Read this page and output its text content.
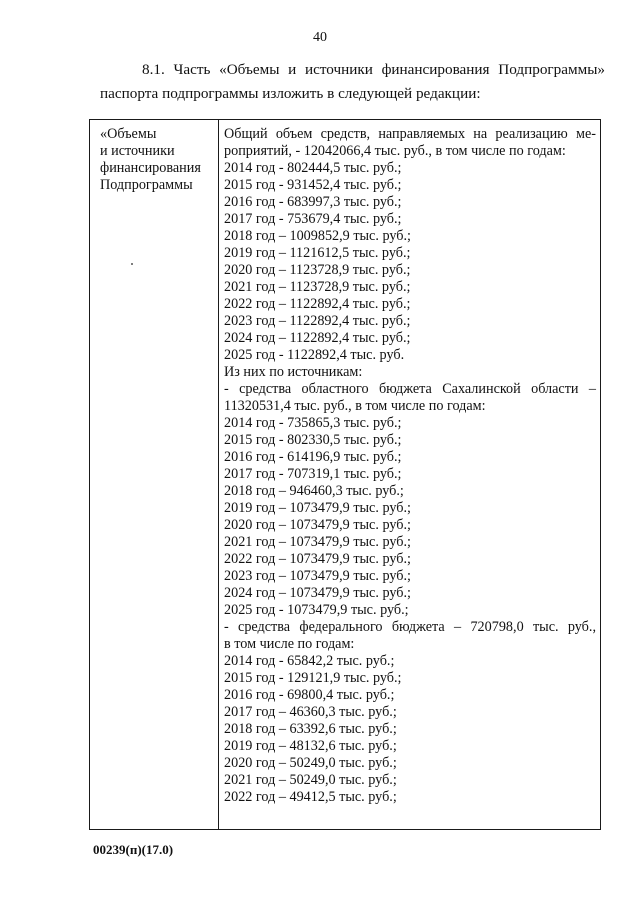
40
8.1. Часть «Объемы и источники финансирования Подпрограммы»
паспорта подпрограммы изложить в следующей редакции:
«Объемы
и источники
финансирования
Подпрограммы
Общий объем средств, направляемых на реализацию ме-
роприятий, - 12042066,4 тыс. руб., в том числе по годам:
2014 год - 802444,5 тыс. руб.;
2015 год - 931452,4 тыс. руб.;
2016 год - 683997,3 тыс. руб.;
2017 год - 753679,4 тыс. руб.;
2018 год – 1009852,9 тыс. руб.;
2019 год – 1121612,5 тыс. руб.;
2020 год – 1123728,9 тыс. руб.;
2021 год – 1123728,9 тыс. руб.;
2022 год – 1122892,4 тыс. руб.;
2023 год – 1122892,4 тыс. руб.;
2024 год – 1122892,4 тыс. руб.;
2025 год - 1122892,4 тыс. руб.
Из них по источникам:
- средства областного бюджета Сахалинской области –
11320531,4 тыс. руб., в том числе по годам:
2014 год - 735865,3 тыс. руб.;
2015 год - 802330,5 тыс. руб.;
2016 год - 614196,9 тыс. руб.;
2017 год - 707319,1 тыс. руб.;
2018 год – 946460,3 тыс. руб.;
2019 год – 1073479,9 тыс. руб.;
2020 год – 1073479,9 тыс. руб.;
2021 год – 1073479,9 тыс. руб.;
2022 год – 1073479,9 тыс. руб.;
2023 год – 1073479,9 тыс. руб.;
2024 год – 1073479,9 тыс. руб.;
2025 год - 1073479,9 тыс. руб.;
- средства федерального бюджета – 720798,0 тыс. руб.,
в том числе по годам:
2014 год - 65842,2 тыс. руб.;
2015 год - 129121,9 тыс. руб.;
2016 год - 69800,4 тыс. руб.;
2017 год – 46360,3 тыс. руб.;
2018 год – 63392,6 тыс. руб.;
2019 год – 48132,6 тыс. руб.;
2020 год – 50249,0 тыс. руб.;
2021 год – 50249,0 тыс. руб.;
2022 год – 49412,5 тыс. руб.;
00239(п)(17.0)
